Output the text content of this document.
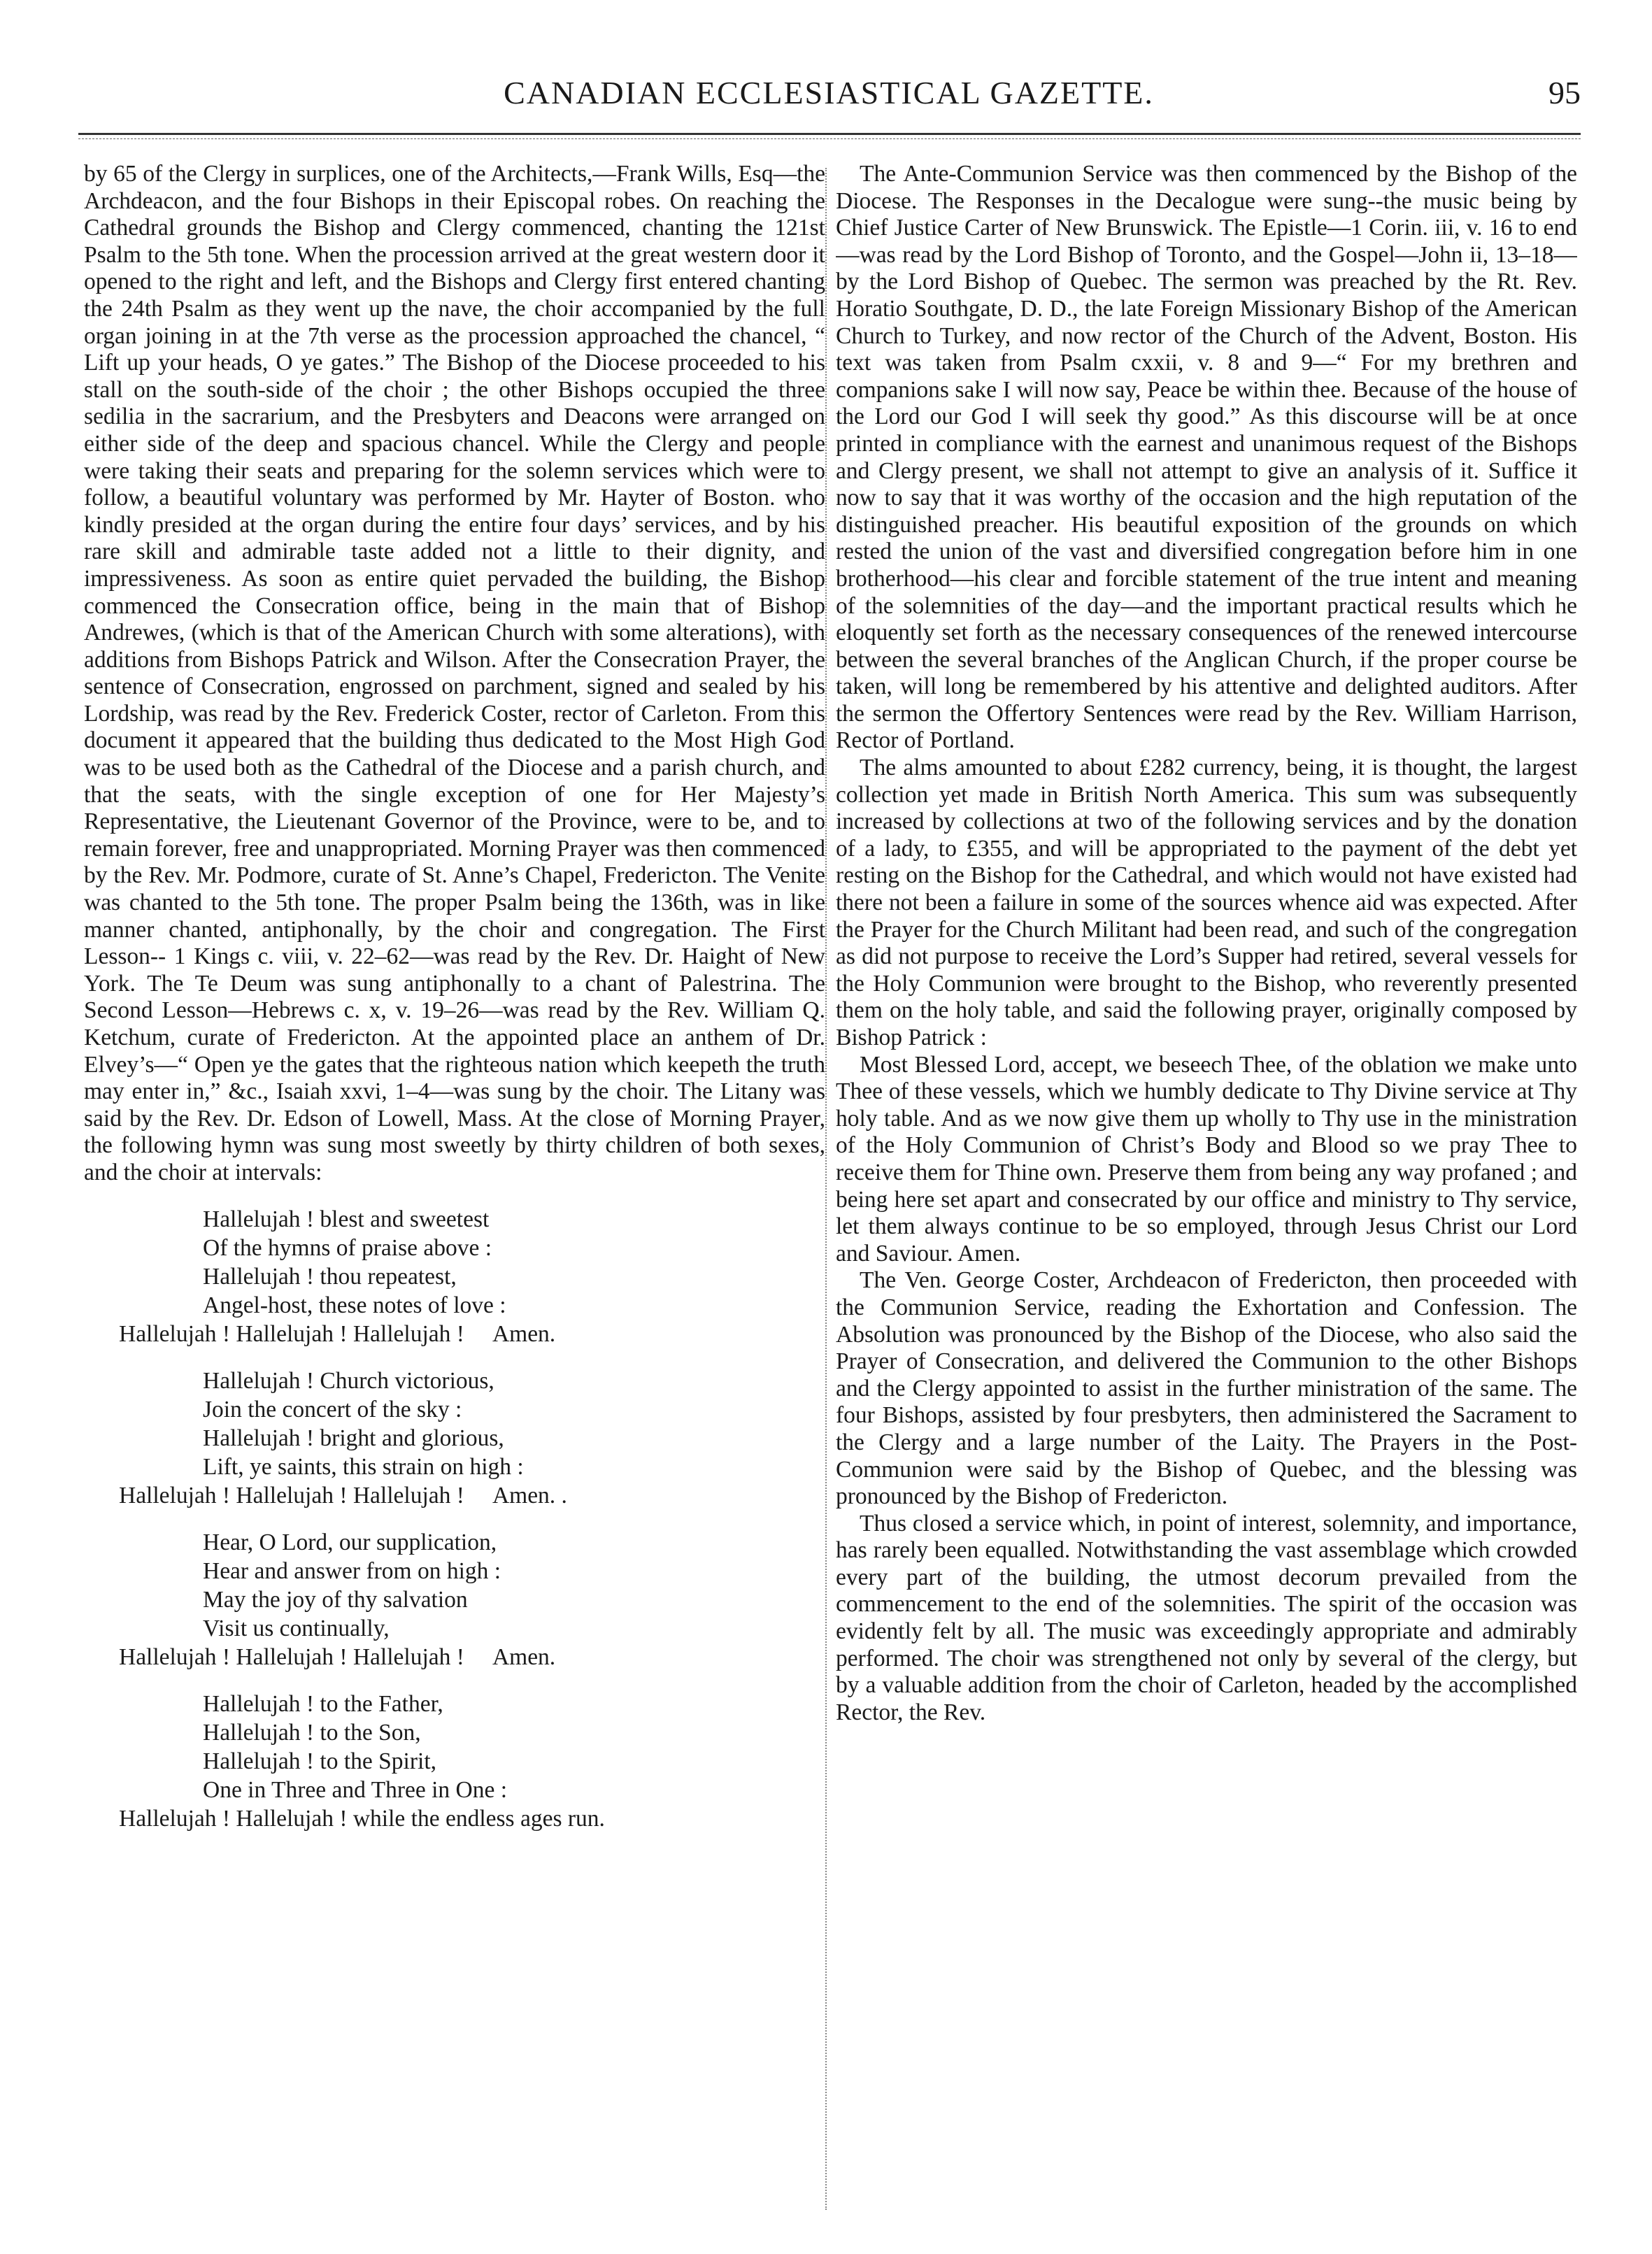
CANADIAN ECCLESIASTICAL GAZETTE.	95

by 65 of the Clergy in surplices, one of the Architects,—Frank Wills, Esq—the Archdeacon, and the four Bishops in their Episcopal robes. On reaching the Cathedral grounds the Bishop and Clergy commenced, chanting the 121st Psalm to the 5th tone. When the procession arrived at the great western door it opened to the right and left, and the Bishops and Clergy first entered chanting the 24th Psalm as they went up the nave, the choir accompanied by the full organ joining in at the 7th verse as the procession approached the chancel, “ Lift up your heads, O ye gates.” The Bishop of the Diocese proceeded to his stall on the south-side of the choir ; the other Bishops occupied the three sedilia in the sacrarium, and the Presbyters and Deacons were arranged on either side of the deep and spacious chancel. While the Clergy and people were taking their seats and preparing for the solemn services which were to follow, a beautiful voluntary was performed by Mr. Hayter of Boston. who kindly presided at the organ during the entire four days’ services, and by his rare skill and admirable taste added not a little to their dignity, and impressiveness. As soon as entire quiet pervaded the building, the Bishop commenced the Consecration office, being in the main that of Bishop Andrewes, (which is that of the American Church with some alterations), with additions from Bishops Patrick and Wilson. After the Consecration Prayer, the sentence of Consecration, engrossed on parchment, signed and sealed by his Lordship, was read by the Rev. Frederick Coster, rector of Carleton. From this document it appeared that the building thus dedicated to the Most High God was to be used both as the Cathedral of the Diocese and a parish church, and that the seats, with the single exception of one for Her Majesty’s Representative, the Lieutenant Governor of the Province, were to be, and to remain forever, free and unappropriated. Morning Prayer was then commenced by the Rev. Mr. Podmore, curate of St. Anne’s Chapel, Fredericton. The Venite was chanted to the 5th tone. The proper Psalm being the 136th, was in like manner chanted, antiphonally, by the choir and congregation. The First Lesson-- 1 Kings c. viii, v. 22–62—was read by the Rev. Dr. Haight of New York. The Te Deum was sung antiphonally to a chant of Palestrina. The Second Lesson—Hebrews c. x, v. 19–26—was read by the Rev. William Q. Ketchum, curate of Fredericton. At the appointed place an anthem of Dr. Elvey’s—“ Open ye the gates that the righteous nation which keepeth the truth may enter in,” &c., Isaiah xxvi, 1–4—was sung by the choir. The Litany was said by the Rev. Dr. Edson of Lowell, Mass. At the close of Morning Prayer, the following hymn was sung most sweetly by thirty children of both sexes, and the choir at intervals:

Hallelujah ! blest and sweetest
Of the hymns of praise above :
Hallelujah ! thou repeatest,
Angel-host, these notes of love :
Hallelujah ! Hallelujah ! Hallelujah ! Amen.
Hallelujah ! Church victorious,
Join the concert of the sky :
Hallelujah ! bright and glorious,
Lift, ye saints, this strain on high :
Hallelujah ! Hallelujah ! Hallelujah ! Amen. .
Hear, O Lord, our supplication,
Hear and answer from on high :
May the joy of thy salvation
Visit us continually,
Hallelujah ! Hallelujah ! Hallelujah ! Amen.
Hallelujah ! to the Father,
Hallelujah ! to the Son,
Hallelujah ! to the Spirit,
One in Three and Three in One :
Hallelujah ! Hallelujah ! while the endless ages run.

The Ante-Communion Service was then commenced by the Bishop of the Diocese. The Responses in the Decalogue were sung--the music being by Chief Justice Carter of New Brunswick. The Epistle—1 Corin. iii, v. 16 to end—was read by the Lord Bishop of Toronto, and the Gospel—John ii, 13–18—by the Lord Bishop of Quebec. The sermon was preached by the Rt. Rev. Horatio Southgate, D. D., the late Foreign Missionary Bishop of the American Church to Turkey, and now rector of the Church of the Advent, Boston. His text was taken from Psalm cxxii, v. 8 and 9—“ For my brethren and companions sake I will now say, Peace be within thee. Because of the house of the Lord our God I will seek thy good.” As this discourse will be at once printed in compliance with the earnest and unanimous request of the Bishops and Clergy present, we shall not attempt to give an analysis of it. Suffice it now to say that it was worthy of the occasion and the high reputation of the distinguished preacher. His beautiful exposition of the grounds on which rested the union of the vast and diversified congregation before him in one brotherhood—his clear and forcible statement of the true intent and meaning of the solemnities of the day—and the important practical results which he eloquently set forth as the necessary consequences of the renewed intercourse between the several branches of the Anglican Church, if the proper course be taken, will long be remembered by his attentive and delighted auditors. After the sermon the Offertory Sentences were read by the Rev. William Harrison, Rector of Portland.

The alms amounted to about £282 currency, being, it is thought, the largest collection yet made in British North America. This sum was subsequently increased by collections at two of the following services and by the donation of a lady, to £355, and will be appropriated to the payment of the debt yet resting on the Bishop for the Cathedral, and which would not have existed had there not been a failure in some of the sources whence aid was expected. After the Prayer for the Church Militant had been read, and such of the congregation as did not purpose to receive the Lord’s Supper had retired, several vessels for the Holy Communion were brought to the Bishop, who reverently presented them on the holy table, and said the following prayer, originally composed by Bishop Patrick :

Most Blessed Lord, accept, we beseech Thee, of the oblation we make unto Thee of these vessels, which we humbly dedicate to Thy Divine service at Thy holy table. And as we now give them up wholly to Thy use in the ministration of the Holy Communion of Christ’s Body and Blood so we pray Thee to receive them for Thine own. Preserve them from being any way profaned ; and being here set apart and consecrated by our office and ministry to Thy service, let them always continue to be so employed, through Jesus Christ our Lord and Saviour. Amen.

The Ven. George Coster, Archdeacon of Fredericton, then proceeded with the Communion Service, reading the Exhortation and Confession. The Absolution was pronounced by the Bishop of the Diocese, who also said the Prayer of Consecration, and delivered the Communion to the other Bishops and the Clergy appointed to assist in the further ministration of the same. The four Bishops, assisted by four presbyters, then administered the Sacrament to the Clergy and a large number of the Laity. The Prayers in the Post-Communion were said by the Bishop of Quebec, and the blessing was pronounced by the Bishop of Fredericton.

Thus closed a service which, in point of interest, solemnity, and importance, has rarely been equalled. Notwithstanding the vast assemblage which crowded every part of the building, the utmost decorum prevailed from the commencement to the end of the solemnities. The spirit of the occasion was evidently felt by all. The music was exceedingly appropriate and admirably performed. The choir was strengthened not only by several of the clergy, but by a valuable addition from the choir of Carleton, headed by the accomplished Rector, the Rev.
